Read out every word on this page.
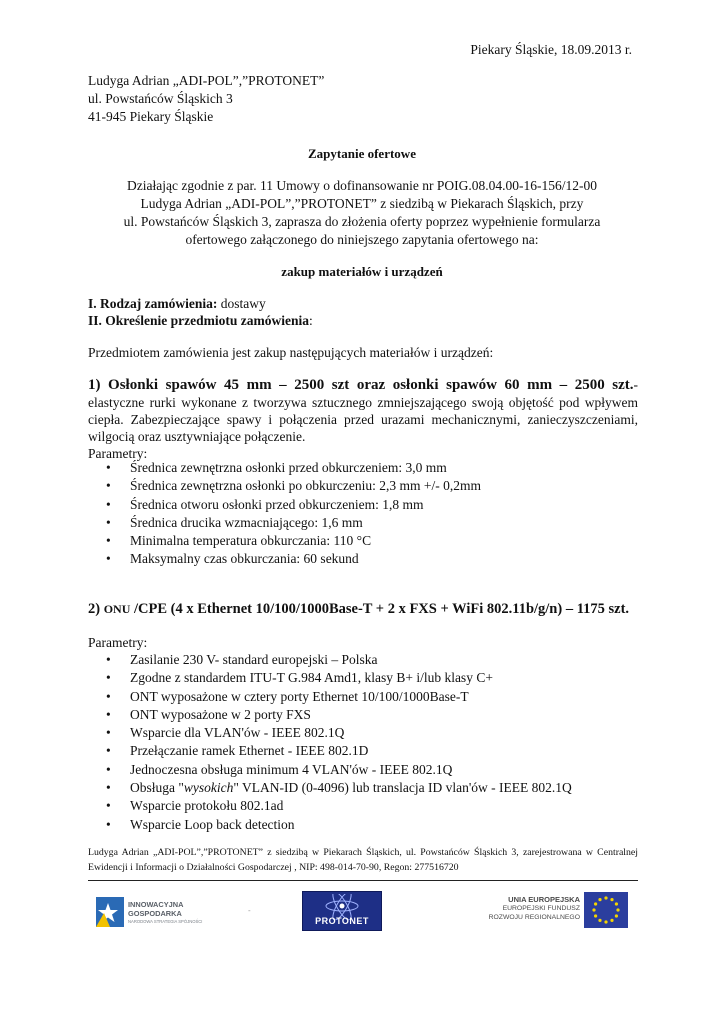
Piekary Śląskie, 18.09.2013 r.
Ludyga Adrian „ADI-POL”,”PROTONET”
ul. Powstańców Śląskich 3
41-945 Piekary Śląskie
Zapytanie ofertowe
Działając zgodnie z par. 11 Umowy o dofinansowanie nr POIG.08.04.00-16-156/12-00
Ludyga Adrian „ADI-POL”,”PROTONET” z siedzibą w Piekarach Śląskich, przy
ul. Powstańców Śląskich 3, zaprasza do złożenia oferty poprzez wypełnienie formularza
ofertowego załączonego do niniejszego zapytania ofertowego na:
zakup materiałów i urządzeń
I. Rodzaj zamówienia: dostawy
II. Określenie przedmiotu zamówienia:
Przedmiotem zamówienia jest zakup następujących materiałów i urządzeń:
1) Osłonki spawów 45 mm – 2500 szt oraz osłonki spawów 60 mm – 2500 szt.- elastyczne rurki wykonane z tworzywa sztucznego zmniejszającego swoją objętość pod wpływem ciepła. Zabezpieczające spawy i połączenia przed urazami mechanicznymi, zanieczyszczeniami, wilgocią oraz usztywniające połączenie.
Parametry:
• Średnica zewnętrzna osłonki przed obkurczeniem: 3,0 mm
• Średnica zewnętrzna osłonki po obkurczeniu: 2,3 mm +/- 0,2mm
• Średnica otworu osłonki przed obkurczeniem: 1,8 mm
• Średnica drucika wzmacniającego: 1,6 mm
• Minimalna temperatura obkurczania: 110 °C
• Maksymalny czas obkurczania: 60 sekund
2) ONU /CPE (4 x Ethernet 10/100/1000Base-T + 2 x FXS + WiFi 802.11b/g/n) – 1175 szt.
Parametry:
• Zasilanie 230 V- standard europejski – Polska
• Zgodne z standardem ITU-T G.984 Amd1, klasy B+ i/lub klasy C+
• ONT wyposażone w cztery porty Ethernet 10/100/1000Base-T
• ONT wyposażone w 2 porty FXS
• Wsparcie dla VLAN'ów - IEEE 802.1Q
• Przełączanie ramek Ethernet - IEEE 802.1D
• Jednoczesna obsługa minimum 4 VLAN'ów - IEEE 802.1Q
• Obsługa "wysokich" VLAN-ID (0-4096) lub translacja ID vlan'ów - IEEE 802.1Q
• Wsparcie protokołu 802.1ad
• Wsparcie Loop back detection
Ludyga Adrian „ADI-POL”,”PROTONET” z siedzibą w Piekarach Śląskich, ul. Powstańców Śląskich 3, zarejestrowana w Centralnej Ewidencji i Informacji o Działalności Gospodarczej , NIP: 498-014-70-90, Regon: 277516720
INNOWACYJNA
GOSPODARKA
NARODOWA STRATEGIA SPÓJNOŚCI
-
PROTONET
UNIA EUROPEJSKA
EUROPEJSKI FUNDUSZ
ROZWOJU REGIONALNEGO
